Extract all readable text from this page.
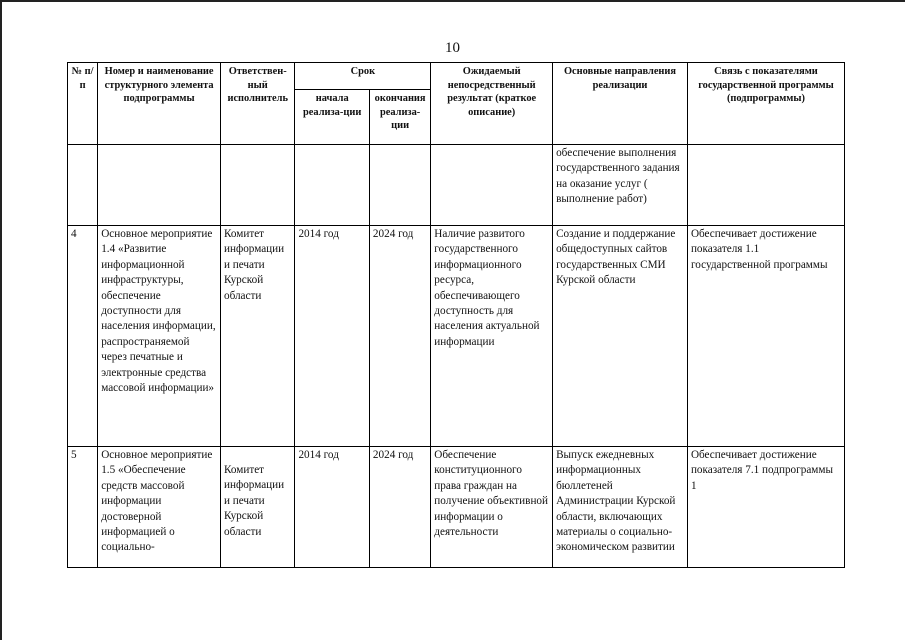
10
№ п/п	Номер и наименование структурного элемента подпрограммы	Ответствен-ный исполнитель	Срок		Ожидаемый непосредственный результат (краткое описание)	Основные направления реализации	Связь с показателями государственной программы (подпрограммы)
			начала реализа-ции	окончания реализа-ции			
						обеспечение выполнения государственного задания на оказание услуг ( выполнение работ)	
4	Основное мероприятие 1.4 «Развитие информационной инфраструктуры, обеспечение доступности для населения информации, распространяемой через печатные и электронные средства массовой информации»	Комитет информации и печати Курской области	2014 год	2024 год	Наличие развитого государственного информационного ресурса, обеспечивающего доступность для населения актуальной информации	Создание и поддержание общедоступных сайтов государственных СМИ Курской области	Обеспечивает достижение показателя 1.1 государственной программы
5	Основное мероприятие 1.5 «Обеспечение средств массовой информации достоверной информацией о социально-	Комитет информации и печати Курской области	2014 год	2024 год	Обеспечение конституционного права граждан на получение объективной информации о деятельности	Выпуск ежедневных информационных бюллетеней Администрации Курской области, включающих материалы о социально-экономическом развитии	Обеспечивает достижение показателя 7.1 подпрограммы 1
